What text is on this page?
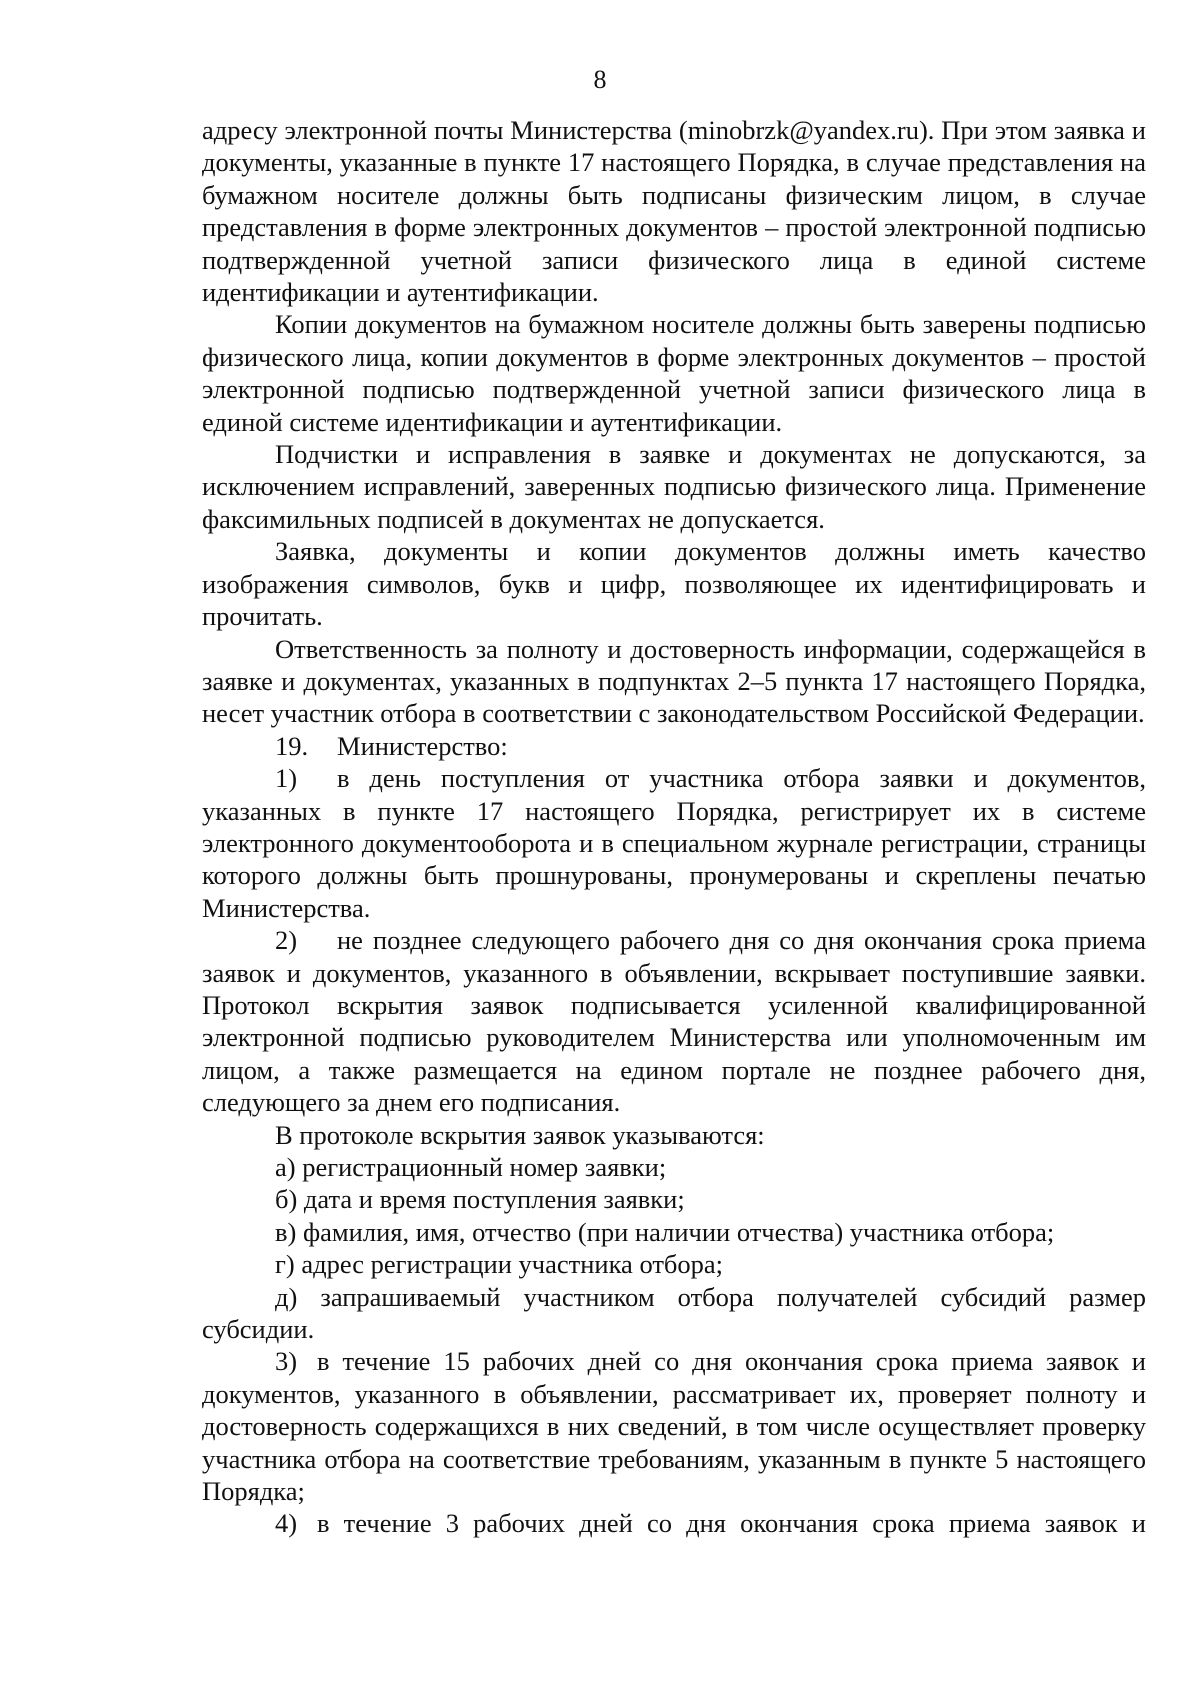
8

адресу электронной почты Министерства (minobrzk@yandex.ru). При этом заявка и документы, указанные в пункте 17 настоящего Порядка, в случае представления на бумажном носителе должны быть подписаны физическим лицом, в случае представления в форме электронных документов – простой электронной подписью подтвержденной учетной записи физического лица в единой системе идентификации и аутентификации.

Копии документов на бумажном носителе должны быть заверены подписью физического лица, копии документов в форме электронных документов – простой электронной подписью подтвержденной учетной записи физического лица в единой системе идентификации и аутентификации.

Подчистки и исправления в заявке и документах не допускаются, за исключением исправлений, заверенных подписью физического лица. Применение факсимильных подписей в документах не допускается.

Заявка, документы и копии документов должны иметь качество изображения символов, букв и цифр, позволяющее их идентифицировать и прочитать.

Ответственность за полноту и достоверность информации, содержащейся в заявке и документах, указанных в подпунктах 2–5 пункта 17 настоящего Порядка, несет участник отбора в соответствии с законодательством Российской Федерации.

19. Министерство:

1) в день поступления от участника отбора заявки и документов, указанных в пункте 17 настоящего Порядка, регистрирует их в системе электронного документооборота и в специальном журнале регистрации, страницы которого должны быть прошнурованы, пронумерованы и скреплены печатью Министерства.

2) не позднее следующего рабочего дня со дня окончания срока приема заявок и документов, указанного в объявлении, вскрывает поступившие заявки. Протокол вскрытия заявок подписывается усиленной квалифицированной электронной подписью руководителем Министерства или уполномоченным им лицом, а также размещается на едином портале не позднее рабочего дня, следующего за днем его подписания.

В протоколе вскрытия заявок указываются:

а) регистрационный номер заявки;

б) дата и время поступления заявки;

в) фамилия, имя, отчество (при наличии отчества) участника отбора;

г) адрес регистрации участника отбора;

д) запрашиваемый участником отбора получателей субсидий размер субсидии.

3) в течение 15 рабочих дней со дня окончания срока приема заявок и документов, указанного в объявлении, рассматривает их, проверяет полноту и достоверность содержащихся в них сведений, в том числе осуществляет проверку участника отбора на соответствие требованиям, указанным в пункте 5 настоящего Порядка;

4) в течение 3 рабочих дней со дня окончания срока приема заявок и
